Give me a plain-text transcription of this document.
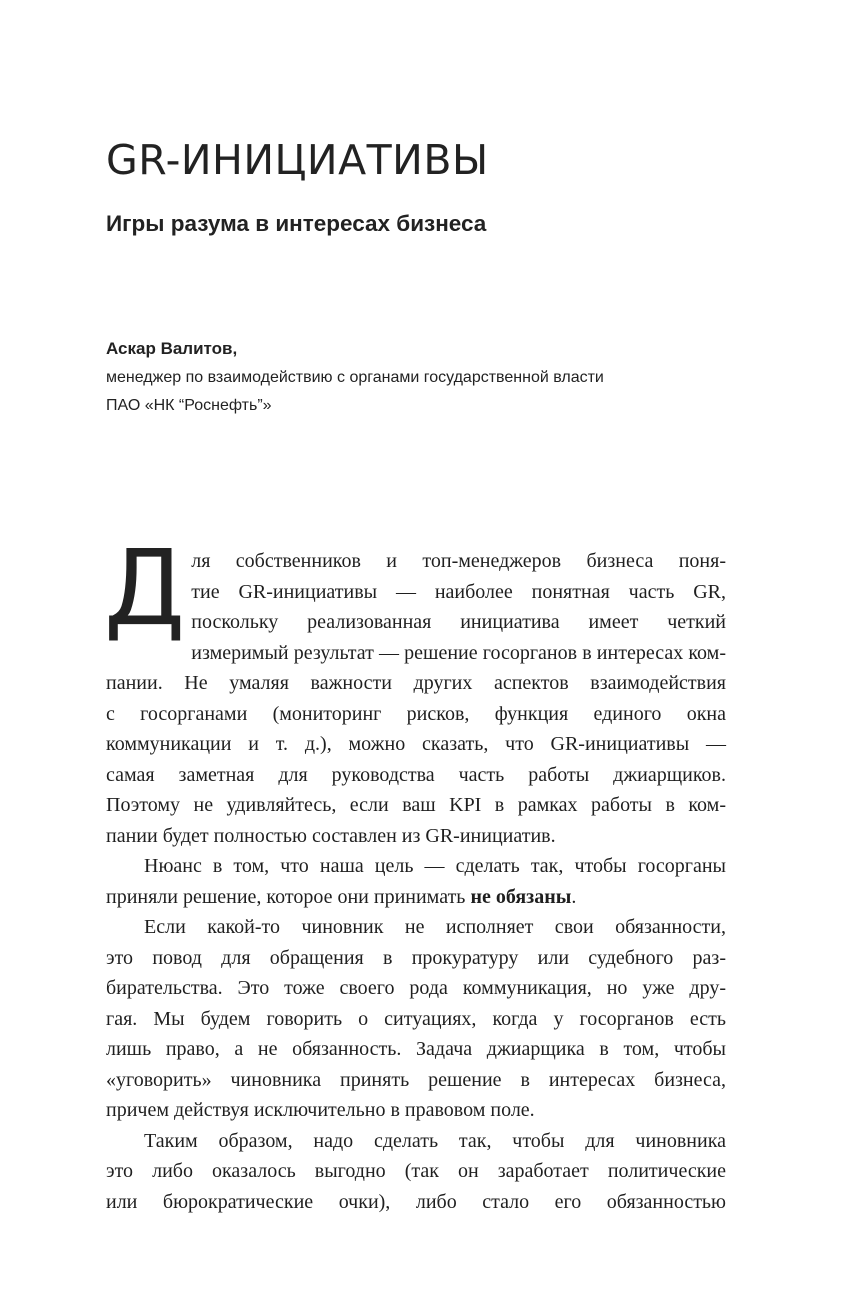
GR-ИНИЦИАТИВЫ
Игры разума в интересах бизнеса
Аскар Валитов,
менеджер по взаимодействию с органами государственной власти
ПАО «НК “Роснефть”»

Д ля собственников и топ-менеджеров бизнеса поня-
тие GR-инициативы — наиболее понятная часть GR,
поскольку реализованная инициатива имеет четкий
измеримый результат — решение госорганов в интересах ком-
пании. Не умаляя важности других аспектов взаимодействия
с госорганами (мониторинг рисков, функция единого окна
коммуникации и т. д.), можно сказать, что GR-инициативы —
самая заметная для руководства часть работы джиарщиков.
Поэтому не удивляйтесь, если ваш KPI в рамках работы в ком-
пании будет полностью составлен из GR-инициатив.

Нюанс в том, что наша цель — сделать так, чтобы госорганы
приняли решение, которое они принимать не обязаны.

Если какой-то чиновник не исполняет свои обязанности,
это повод для обращения в прокуратуру или судебного раз-
бирательства. Это тоже своего рода коммуникация, но уже дру-
гая. Мы будем говорить о ситуациях, когда у госорганов есть
лишь право, а не обязанность. Задача джиарщика в том, чтобы
«уговорить» чиновника принять решение в интересах бизнеса,
причем действуя исключительно в правовом поле.

Таким образом, надо сделать так, чтобы для чиновника
это либо оказалось выгодно (так он заработает политические
или бюрократические очки), либо стало его обязанностью
